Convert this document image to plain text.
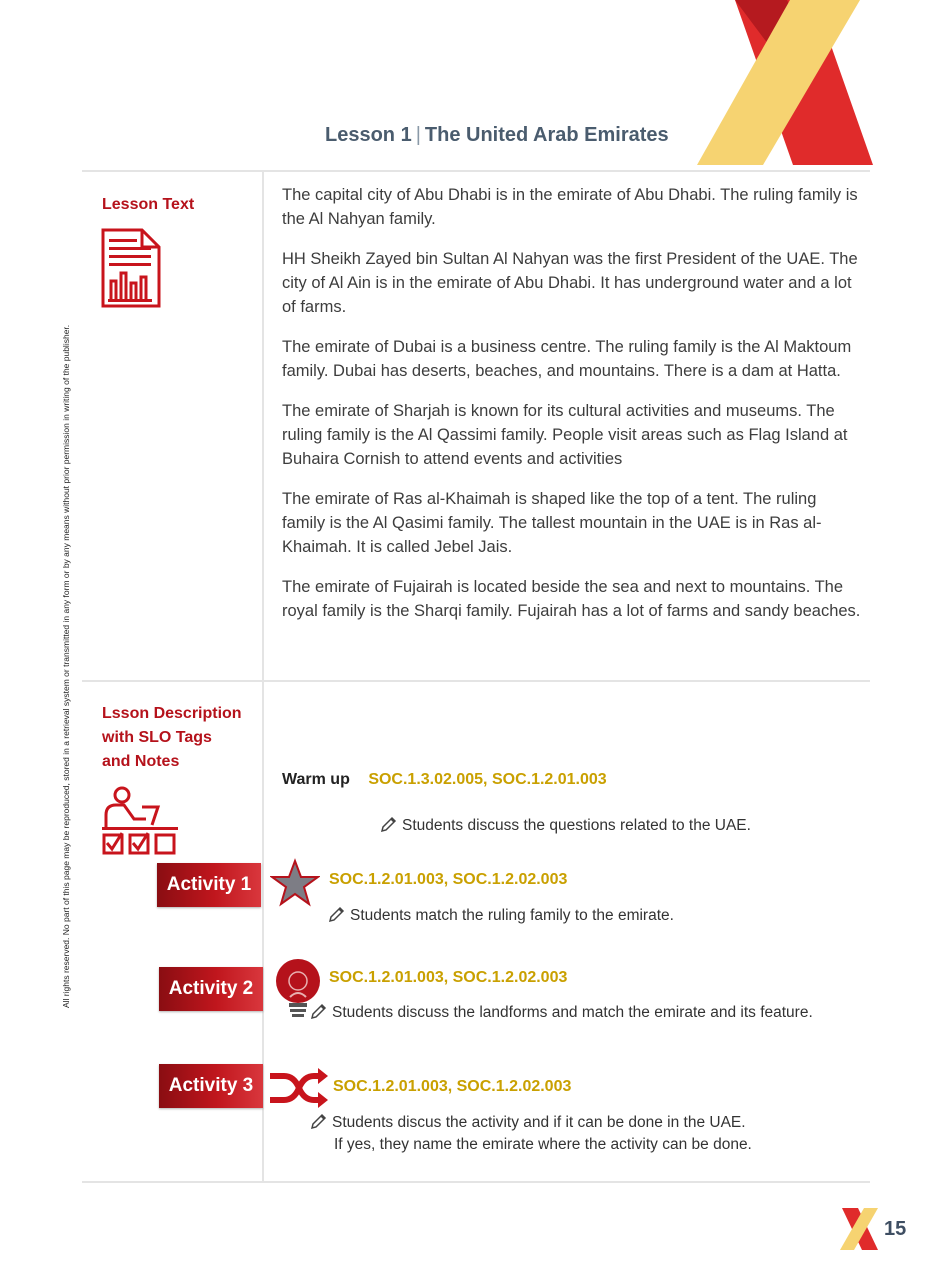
Lesson 1 | The United Arab Emirates
All rights reserved. No part of this page may be reproduced, stored in a retrieval system or transmitted in any form or by any means without prior permission in writing of the publisher.
Lesson Text

The capital city of Abu Dhabi is in the emirate of Abu Dhabi. The ruling family is the Al Nahyan family.

HH Sheikh Zayed bin Sultan Al Nahyan was the first President of the UAE. The city of Al Ain is in the emirate of Abu Dhabi. It has underground water and a lot of farms.

The emirate of Dubai is a business centre. The ruling family is the Al Maktoum family. Dubai has deserts, beaches, and mountains. There is a dam at Hatta.

The emirate of Sharjah is known for its cultural activities and museums. The ruling family is the Al Qassimi family. People visit areas such as Flag Island at Buhaira Cornish to attend events and activities

The emirate of Ras al-Khaimah is shaped like the top of a tent. The ruling family is the Al Qasimi family. The tallest mountain in the UAE is in Ras al-Khaimah. It is called Jebel Jais.

The emirate of Fujairah is located beside the sea and next to mountains. The royal family is the Sharqi family. Fujairah has a lot of farms and sandy beaches.

Lsson Description
with SLO Tags
and Notes
Warm up SOC.1.3.02.005, SOC.1.2.01.003
Students discuss the questions related to the UAE.
Activity 1	SOC.1.2.01.003, SOC.1.2.02.003
Students match the ruling family to the emirate.
Activity 2
SOC.1.2.01.003, SOC.1.2.02.003
Students discuss the landforms and match the emirate and its feature.
Activity 3	SOC.1.2.01.003, SOC.1.2.02.003
Students discus the activity and if it can be done in the UAE.
If yes, they name the emirate where the activity can be done.
15
